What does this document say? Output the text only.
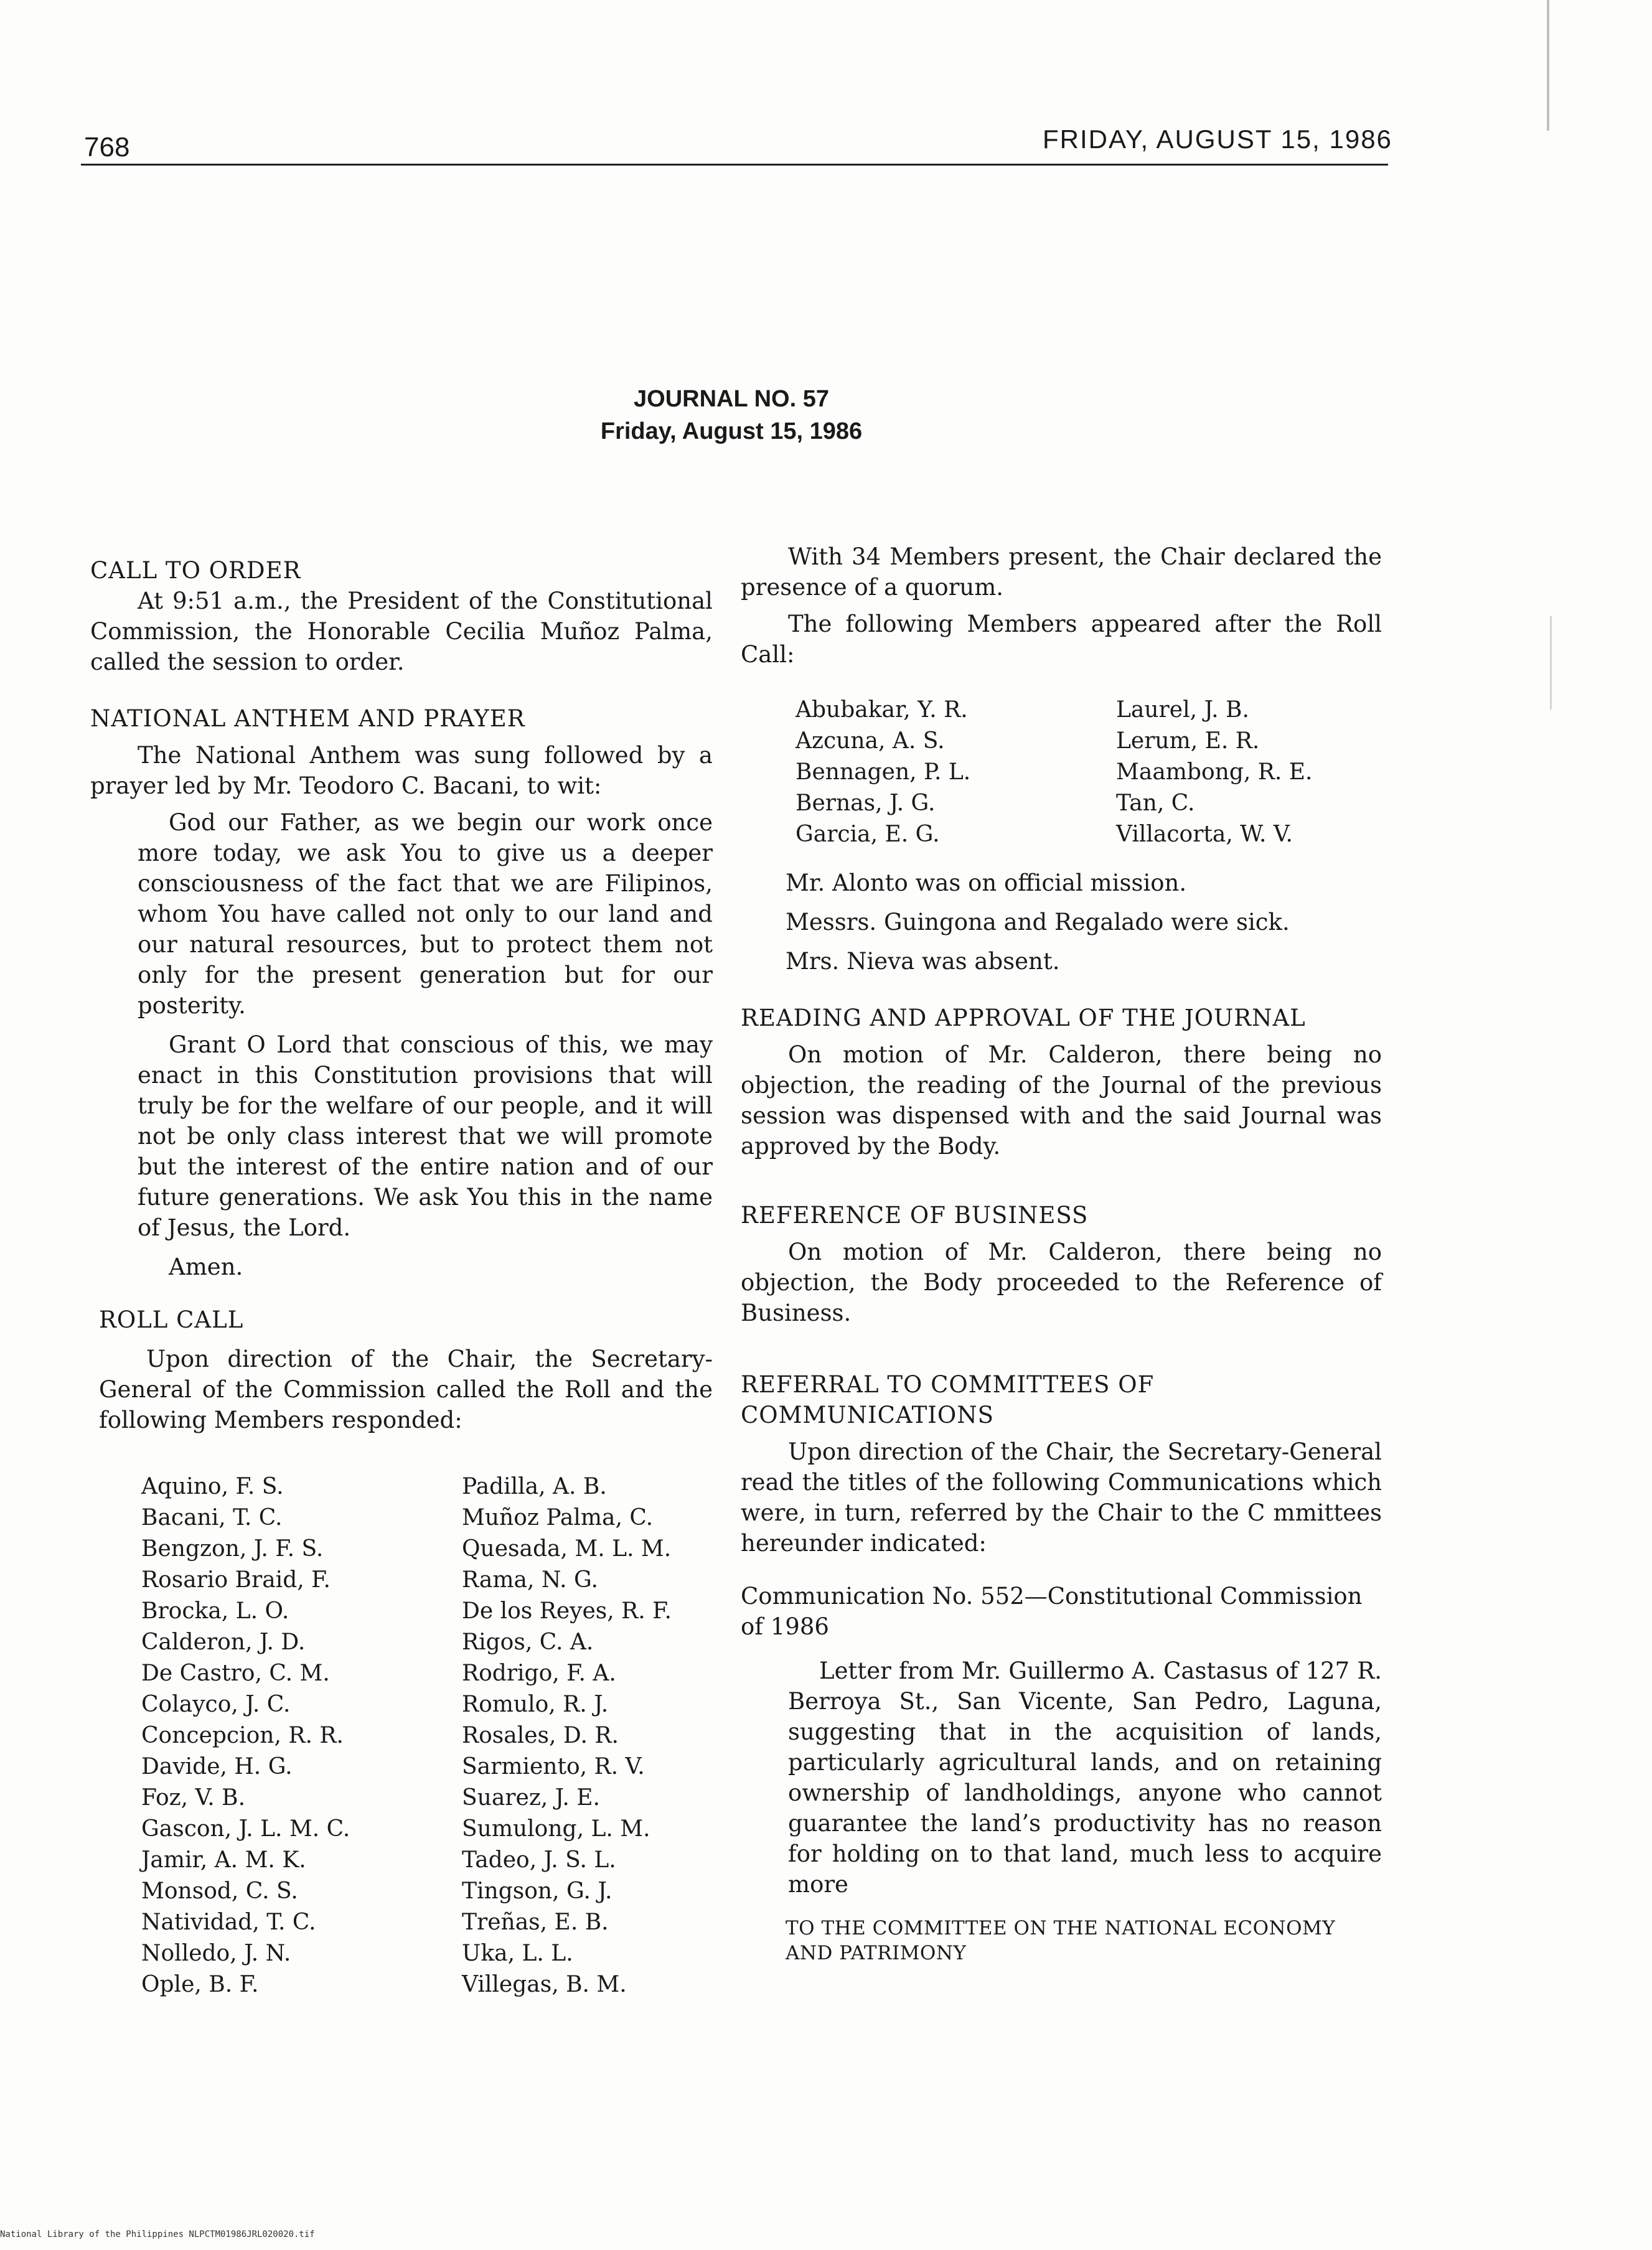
768	FRIDAY, AUGUST 15, 1986
JOURNAL NO. 57
Friday, August 15, 1986

CALL TO ORDER

At 9:51 a.m., the President of the Constitutional Commission, the Honorable Cecilia Muñoz Palma, called the session to order.

NATIONAL ANTHEM AND PRAYER

The National Anthem was sung followed by a prayer led by Mr. Teodoro C. Bacani, to wit:

God our Father, as we begin our work once more today, we ask You to give us a deeper consciousness of the fact that we are Filipinos, whom You have called not only to our land and our natural resources, but to protect them not only for the present generation but for our posterity.

Grant O Lord that conscious of this, we may enact in this Constitution provisions that will truly be for the welfare of our people, and it will not be only class interest that we will promote but the interest of the entire nation and of our future generations. We ask You this in the name of Jesus, the Lord.

Amen.

ROLL CALL

Upon direction of the Chair, the Secretary-General of the Commission called the Roll and the following Members responded:

Aquino, F. S.
Bacani, T. C.
Bengzon, J. F. S.
Rosario Braid, F.
Brocka, L. O.
Calderon, J. D.
De Castro, C. M.
Colayco, J. C.
Concepcion, R. R.
Davide, H. G.
Foz, V. B.
Gascon, J. L. M. C.
Jamir, A. M. K.
Monsod, C. S.
Natividad, T. C.
Nolledo, J. N.
Ople, B. F.
Padilla, A. B.
Muñoz Palma, C.
Quesada, M. L. M.
Rama, N. G.
De los Reyes, R. F.
Rigos, C. A.
Rodrigo, F. A.
Romulo, R. J.
Rosales, D. R.
Sarmiento, R. V.
Suarez, J. E.
Sumulong, L. M.
Tadeo, J. S. L.
Tingson, G. J.
Treñas, E. B.
Uka, L. L.
Villegas, B. M.

With 34 Members present, the Chair declared the presence of a quorum.

The following Members appeared after the Roll Call:

Abubakar, Y. R.
Azcuna, A. S.
Bennagen, P. L.
Bernas, J. G.
Garcia, E. G.
Laurel, J. B.
Lerum, E. R.
Maambong, R. E.
Tan, C.
Villacorta, W. V.

Mr. Alonto was on official mission.

Messrs. Guingona and Regalado were sick.

Mrs. Nieva was absent.

READING AND APPROVAL OF THE JOURNAL

On motion of Mr. Calderon, there being no objection, the reading of the Journal of the previous session was dispensed with and the said Journal was approved by the Body.

REFERENCE OF BUSINESS

On motion of Mr. Calderon, there being no objection, the Body proceeded to the Reference of Business.

REFERRAL TO COMMITTEES OF

COMMUNICATIONS

Upon direction of the Chair, the Secretary-General read the titles of the following Communications which were, in turn, referred by the Chair to the C mmittees hereunder indicated:

Communication No. 552—Constitutional Commission of 1986

Letter from Mr. Guillermo A. Castasus of 127 R. Berroya St., San Vicente, San Pedro, Laguna, suggesting that in the acquisition of lands, particularly agricultural lands, and on retaining ownership of landholdings, anyone who cannot guarantee the land’s productivity has no reason for holding on to that land, much less to acquire more

TO THE COMMITTEE ON THE NATIONAL ECONOMY AND PATRIMONY

National Library of the Philippines NLPCTM01986JRL020020.tif
